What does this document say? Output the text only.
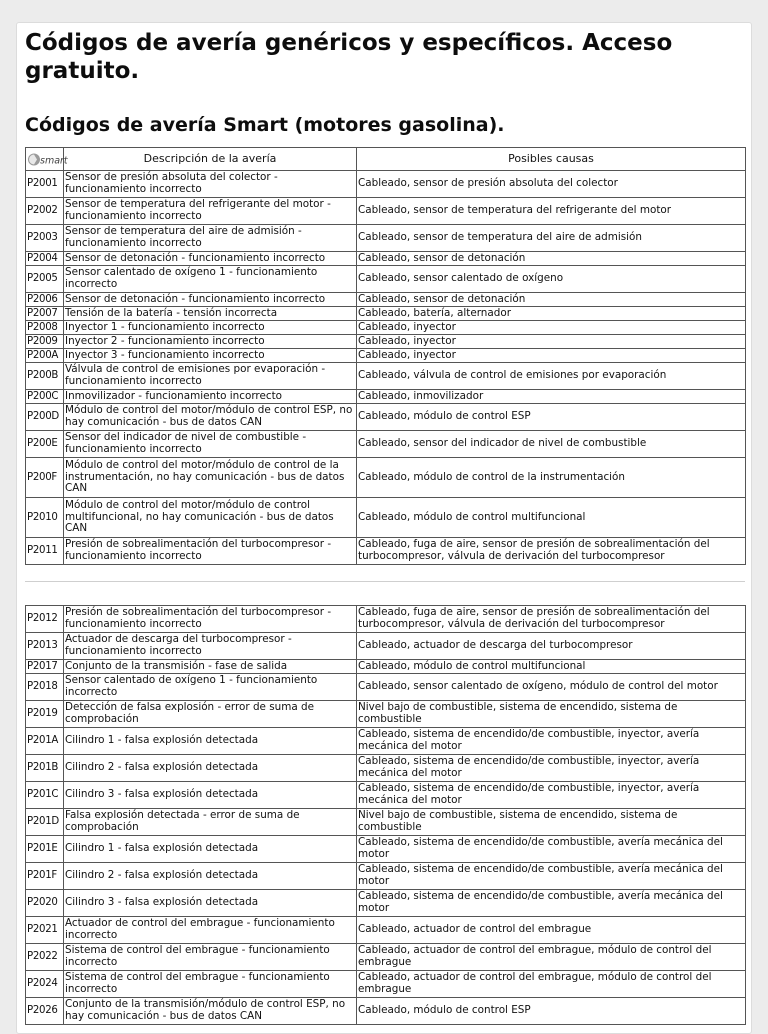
Códigos de avería genéricos y específicos. Acceso gratuito.
Códigos de avería Smart (motores gasolina).
smart	Descripción de la avería	Posibles causas
P2001	Sensor de presión absoluta del colector - funcionamiento incorrecto	Cableado, sensor de presión absoluta del colector
P2002	Sensor de temperatura del refrigerante del motor - funcionamiento incorrecto	Cableado, sensor de temperatura del refrigerante del motor
P2003	Sensor de temperatura del aire de admisión - funcionamiento incorrecto	Cableado, sensor de temperatura del aire de admisión
P2004	Sensor de detonación - funcionamiento incorrecto	Cableado, sensor de detonación
P2005	Sensor calentado de oxígeno 1 - funcionamiento incorrecto	Cableado, sensor calentado de oxígeno
P2006	Sensor de detonación - funcionamiento incorrecto	Cableado, sensor de detonación
P2007	Tensión de la batería - tensión incorrecta	Cableado, batería, alternador
P2008	Inyector 1 - funcionamiento incorrecto	Cableado, inyector
P2009	Inyector 2 - funcionamiento incorrecto	Cableado, inyector
P200A	Inyector 3 - funcionamiento incorrecto	Cableado, inyector
P200B	Válvula de control de emisiones por evaporación - funcionamiento incorrecto	Cableado, válvula de control de emisiones por evaporación
P200C	Inmovilizador - funcionamiento incorrecto	Cableado, inmovilizador
P200D	Módulo de control del motor/módulo de control ESP, no hay comunicación - bus de datos CAN	Cableado, módulo de control ESP
P200E	Sensor del indicador de nivel de combustible - funcionamiento incorrecto	Cableado, sensor del indicador de nivel de combustible
P200F	Módulo de control del motor/módulo de control de la instrumentación, no hay comunicación - bus de datos CAN	Cableado, módulo de control de la instrumentación
P2010	Módulo de control del motor/módulo de control multifuncional, no hay comunicación - bus de datos CAN	Cableado, módulo de control multifuncional
P2011	Presión de sobrealimentación del turbocompresor - funcionamiento incorrecto	Cableado, fuga de aire, sensor de presión de sobrealimentación del turbocompresor, válvula de derivación del turbocompresor
P2012	Presión de sobrealimentación del turbocompresor - funcionamiento incorrecto	Cableado, fuga de aire, sensor de presión de sobrealimentación del turbocompresor, válvula de derivación del turbocompresor
P2013	Actuador de descarga del turbocompresor - funcionamiento incorrecto	Cableado, actuador de descarga del turbocompresor
P2017	Conjunto de la transmisión - fase de salida	Cableado, módulo de control multifuncional
P2018	Sensor calentado de oxígeno 1 - funcionamiento incorrecto	Cableado, sensor calentado de oxígeno, módulo de control del motor
P2019	Detección de falsa explosión - error de suma de comprobación	Nivel bajo de combustible, sistema de encendido, sistema de combustible
P201A	Cilindro 1 - falsa explosión detectada	Cableado, sistema de encendido/de combustible, inyector, avería mecánica del motor
P201B	Cilindro 2 - falsa explosión detectada	Cableado, sistema de encendido/de combustible, inyector, avería mecánica del motor
P201C	Cilindro 3 - falsa explosión detectada	Cableado, sistema de encendido/de combustible, inyector, avería mecánica del motor
P201D	Falsa explosión detectada - error de suma de comprobación	Nivel bajo de combustible, sistema de encendido, sistema de combustible
P201E	Cilindro 1 - falsa explosión detectada	Cableado, sistema de encendido/de combustible, avería mecánica del motor
P201F	Cilindro 2 - falsa explosión detectada	Cableado, sistema de encendido/de combustible, avería mecánica del motor
P2020	Cilindro 3 - falsa explosión detectada	Cableado, sistema de encendido/de combustible, avería mecánica del motor
P2021	Actuador de control del embrague - funcionamiento incorrecto	Cableado, actuador de control del embrague
P2022	Sistema de control del embrague - funcionamiento incorrecto	Cableado, actuador de control del embrague, módulo de control del embrague
P2024	Sistema de control del embrague - funcionamiento incorrecto	Cableado, actuador de control del embrague, módulo de control del embrague
P2026	Conjunto de la transmisión/módulo de control ESP, no hay comunicación - bus de datos CAN	Cableado, módulo de control ESP
